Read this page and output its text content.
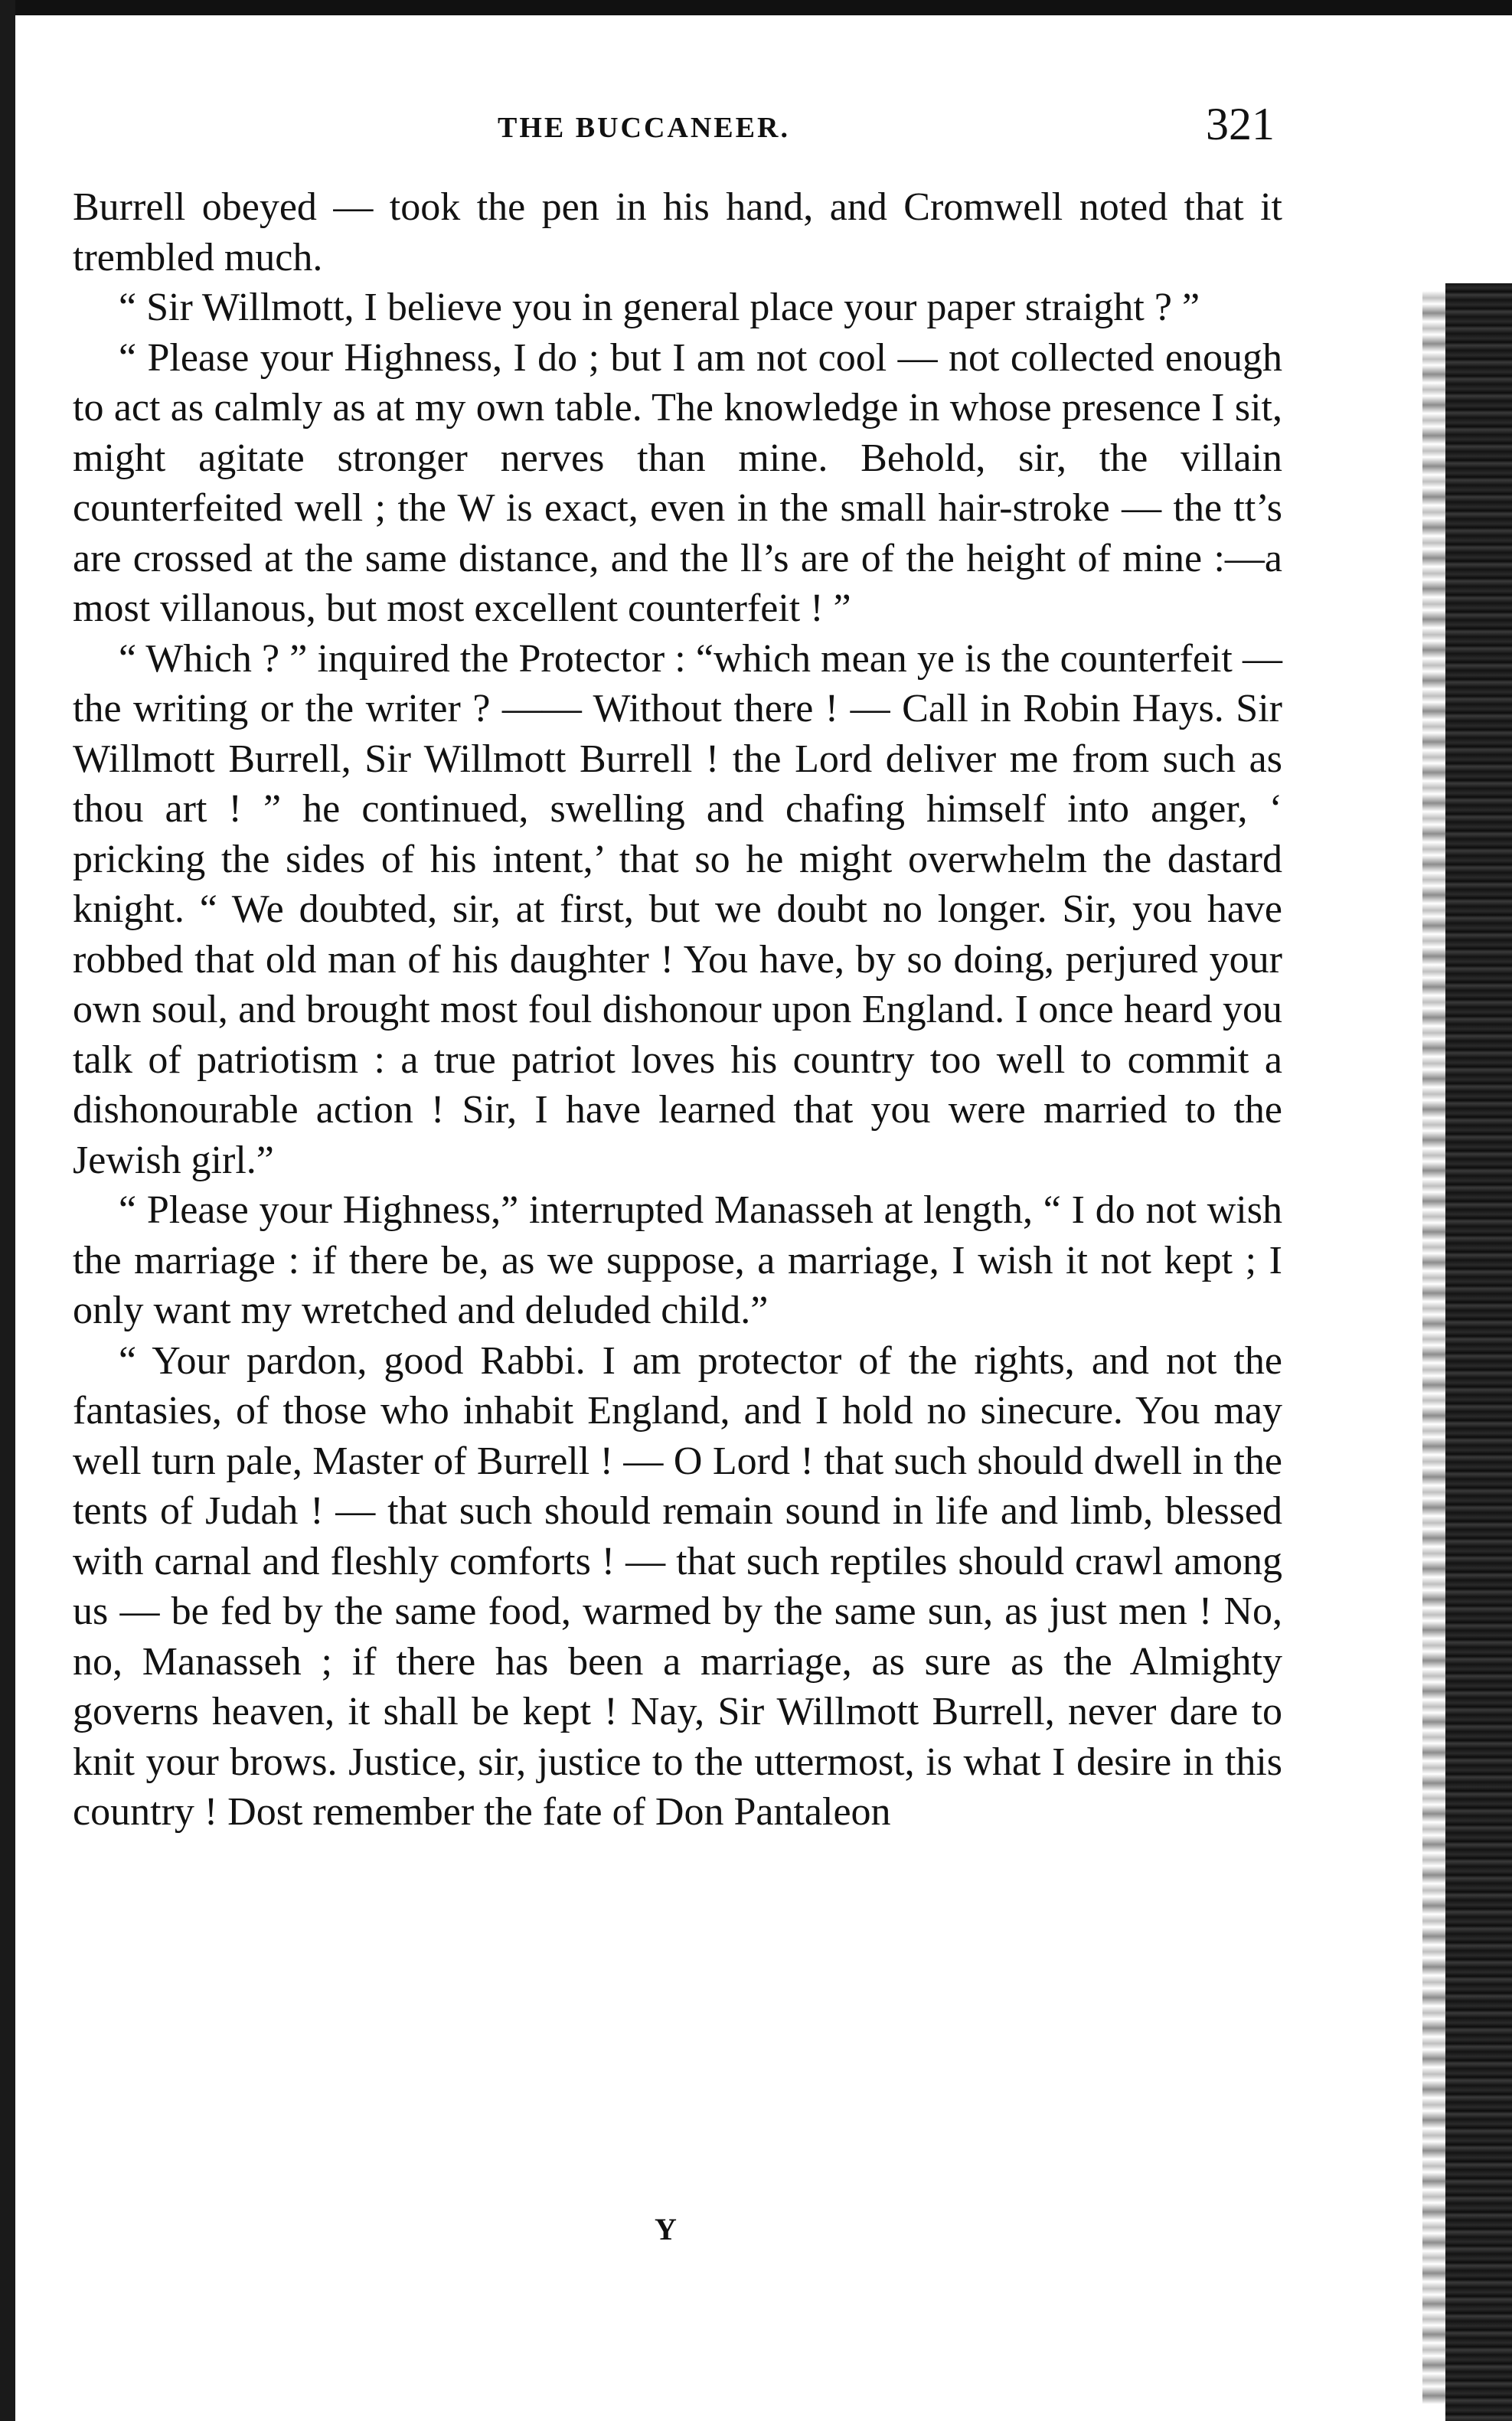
THE BUCCANEER.	321

Burrell obeyed — took the pen in his hand, and Cromwell noted that it trembled much.

“ Sir Willmott, I believe you in general place your paper straight ? ”

“ Please your Highness, I do ; but I am not cool — not collected enough to act as calmly as at my own table. The knowledge in whose presence I sit, might agitate stronger nerves than mine. Behold, sir, the villain counterfeited well ; the W is exact, even in the small hair-stroke — the tt’s are crossed at the same distance, and the ll’s are of the height of mine :—a most villanous, but most excellent counterfeit ! ”

“ Which ? ” inquired the Protector : “which mean ye is the counterfeit — the writing or the writer ? —— Without there ! — Call in Robin Hays. Sir Willmott Burrell, Sir Willmott Burrell ! the Lord deliver me from such as thou art ! ” he continued, swelling and chafing himself into anger, ‘ pricking the sides of his intent,’ that so he might overwhelm the dastard knight. “ We doubted, sir, at first, but we doubt no longer. Sir, you have robbed that old man of his daughter ! You have, by so doing, perjured your own soul, and brought most foul dishonour upon England. I once heard you talk of patriotism : a true patriot loves his country too well to commit a dishonourable action ! Sir, I have learned that you were married to the Jewish girl.”

“ Please your Highness,” interrupted Manasseh at length, “ I do not wish the marriage : if there be, as we suppose, a marriage, I wish it not kept ; I only want my wretched and deluded child.”

“ Your pardon, good Rabbi. I am protector of the rights, and not the fantasies, of those who inhabit England, and I hold no sinecure. You may well turn pale, Master of Burrell ! — O Lord ! that such should dwell in the tents of Judah ! — that such should remain sound in life and limb, blessed with carnal and fleshly comforts ! — that such reptiles should crawl among us — be fed by the same food, warmed by the same sun, as just men ! No, no, Manasseh ; if there has been a marriage, as sure as the Almighty governs heaven, it shall be kept ! Nay, Sir Willmott Burrell, never dare to knit your brows. Justice, sir, justice to the uttermost, is what I desire in this country ! Dost remember the fate of Don Pantaleon

Y
